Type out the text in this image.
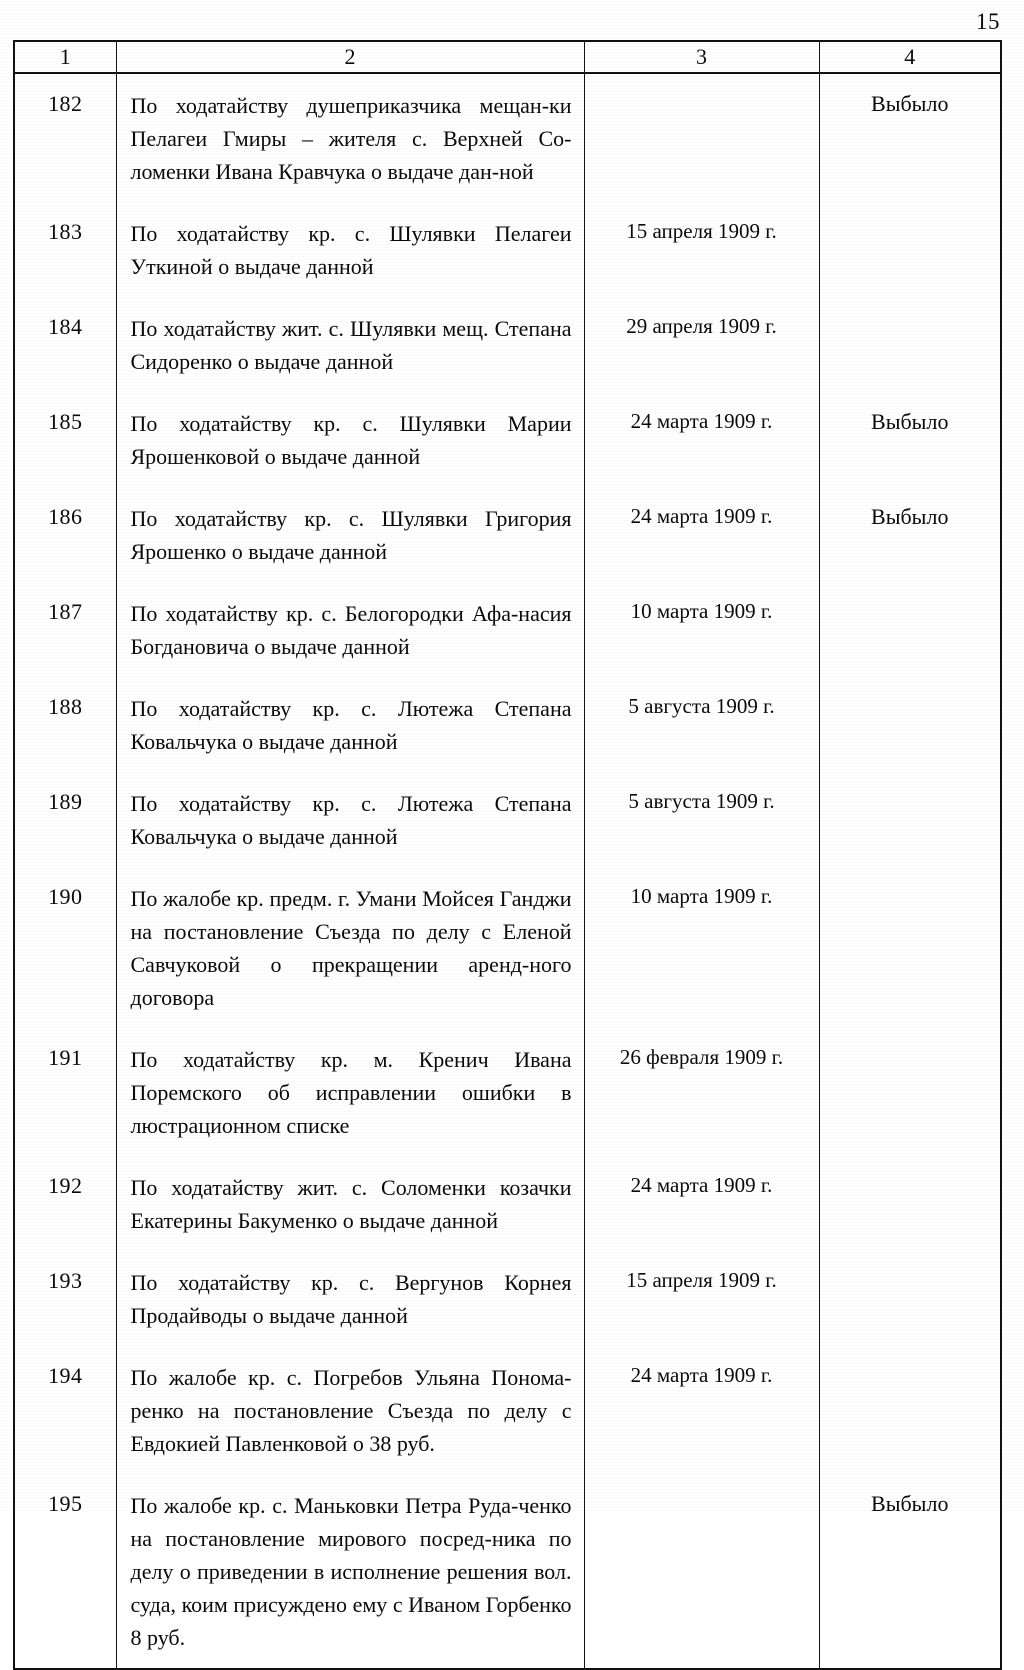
15
1	2	3	4
182	По ходатайству душеприказчика мещан-ки Пелагеи Гмиры – жителя с. Верхней Со-ломенки Ивана Кравчука о выдаче дан-ной		Выбыло
183	По ходатайству кр. с. Шулявки Пелагеи Уткиной о выдаче данной	15 апреля 1909 г.	
184	По ходатайству жит. с. Шулявки мещ. Степана Сидоренко о выдаче данной	29 апреля 1909 г.	
185	По ходатайству кр. с. Шулявки Марии Ярошенковой о выдаче данной	24 марта 1909 г.	Выбыло
186	По ходатайству кр. с. Шулявки Григория Ярошенко о выдаче данной	24 марта 1909 г.	Выбыло
187	По ходатайству кр. с. Белогородки Афа-насия Богдановича о выдаче данной	10 марта 1909 г.	
188	По ходатайству кр. с. Лютежа Степана Ковальчука о выдаче данной	5 августа 1909 г.	
189	По ходатайству кр. с. Лютежа Степана Ковальчука о выдаче данной	5 августа 1909 г.	
190	По жалобе кр. предм. г. Умани Мойсея Ганджи на постановление Съезда по делу с Еленой Савчуковой о прекращении аренд-ного договора	10 марта 1909 г.	
191	По ходатайству кр. м. Кренич Ивана Поремского об исправлении ошибки в люстрационном списке	26 февраля 1909 г.	
192	По ходатайству жит. с. Соломенки козачки Екатерины Бакуменко о выдаче данной	24 марта 1909 г.	
193	По ходатайству кр. с. Вергунов Корнея Продайводы о выдаче данной	15 апреля 1909 г.	
194	По жалобе кр. с. Погребов Ульяна Понома-ренко на постановление Съезда по делу с Евдокией Павленковой о 38 руб.	24 марта 1909 г.	
195	По жалобе кр. с. Маньковки Петра Руда-ченко на постановление мирового посред-ника по делу о приведении в исполнение решения вол. суда, коим присуждено ему с Иваном Горбенко 8 руб.		Выбыло
